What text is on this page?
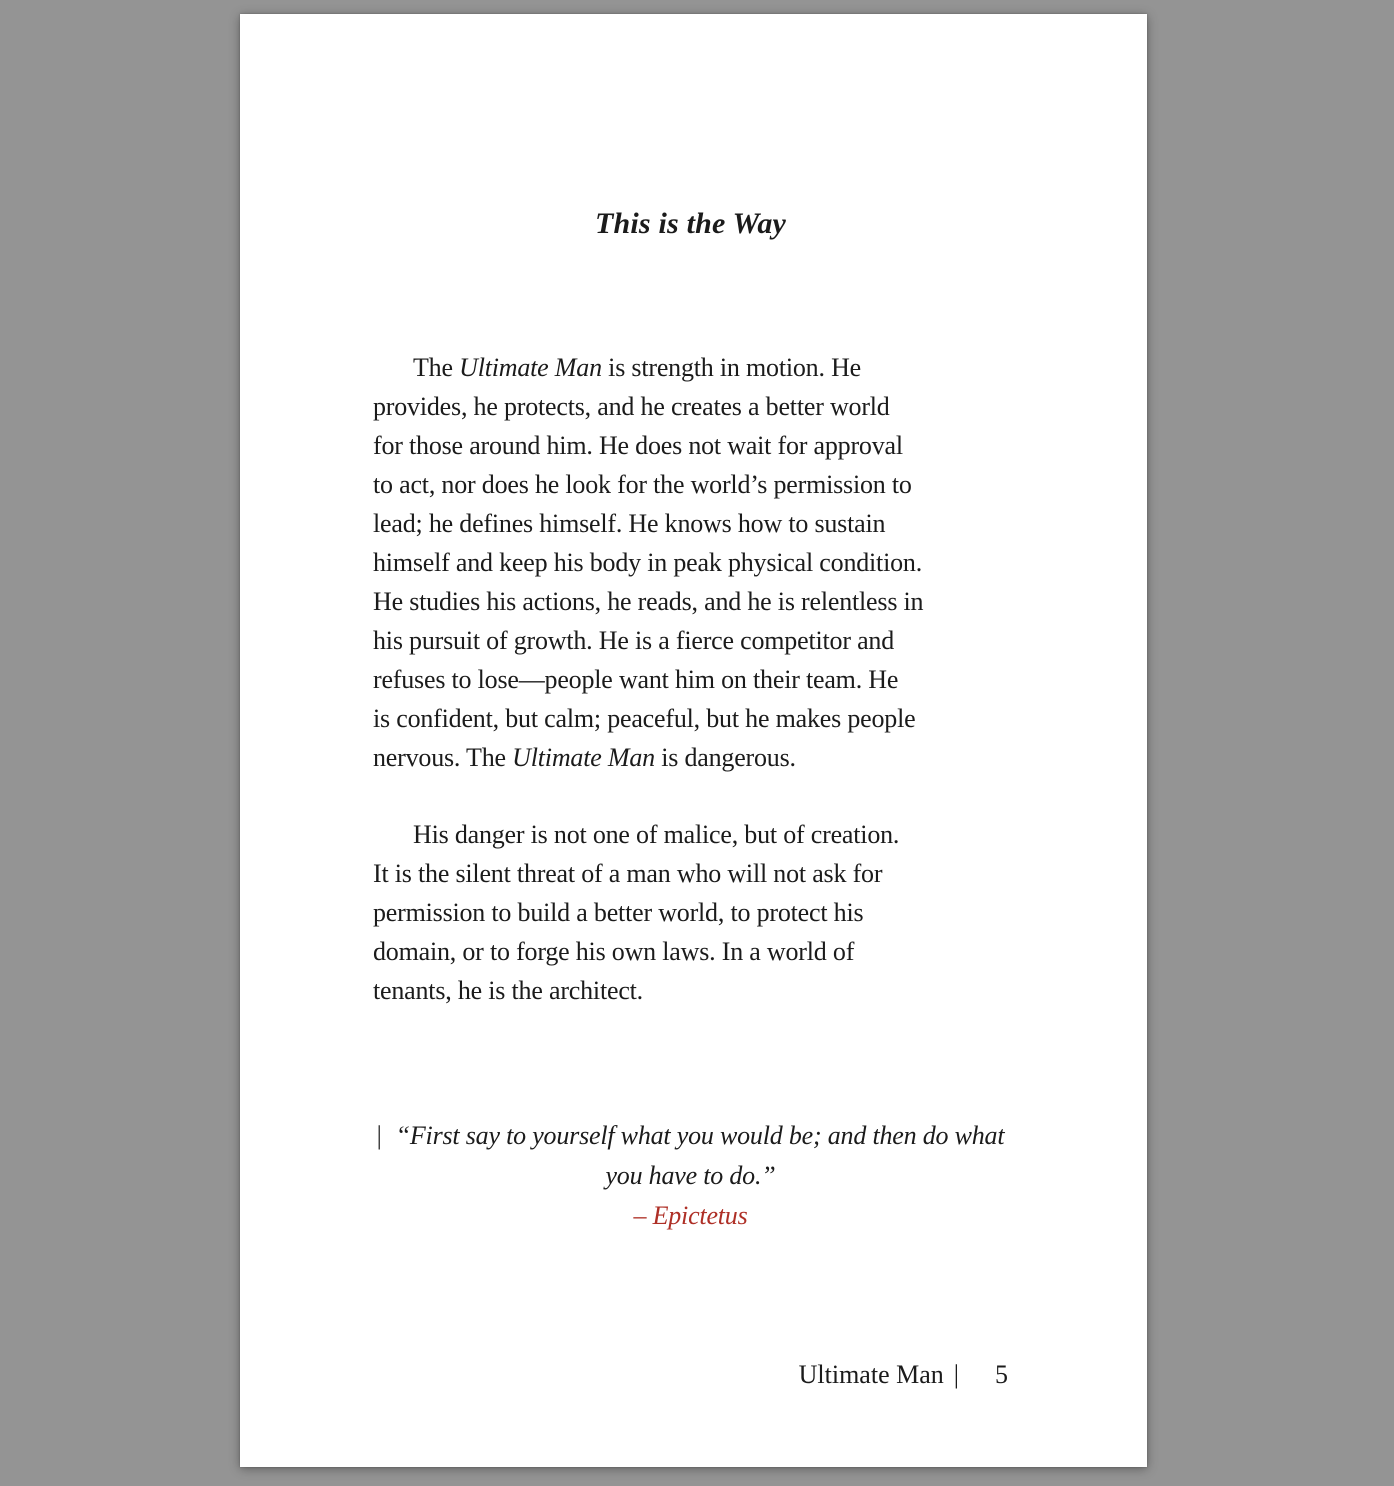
This is the Way
The Ultimate Man is strength in motion. He
provides, he protects, and he creates a better world
for those around him. He does not wait for approval
to act, nor does he look for the world’s permission to
lead; he defines himself. He knows how to sustain
himself and keep his body in peak physical condition.
He studies his actions, he reads, and he is relentless in
his pursuit of growth. He is a fierce competitor and
refuses to lose—people want him on their team. He
is confident, but calm; peaceful, but he makes people
nervous. The Ultimate Man is dangerous.
His danger is not one of malice, but of creation.
It is the silent threat of a man who will not ask for
permission to build a better world, to protect his
domain, or to forge his own laws. In a world of
tenants, he is the architect.
| “First say to yourself what you would be; and then do what
you have to do.”
– Epictetus
Ultimate Man | 5
